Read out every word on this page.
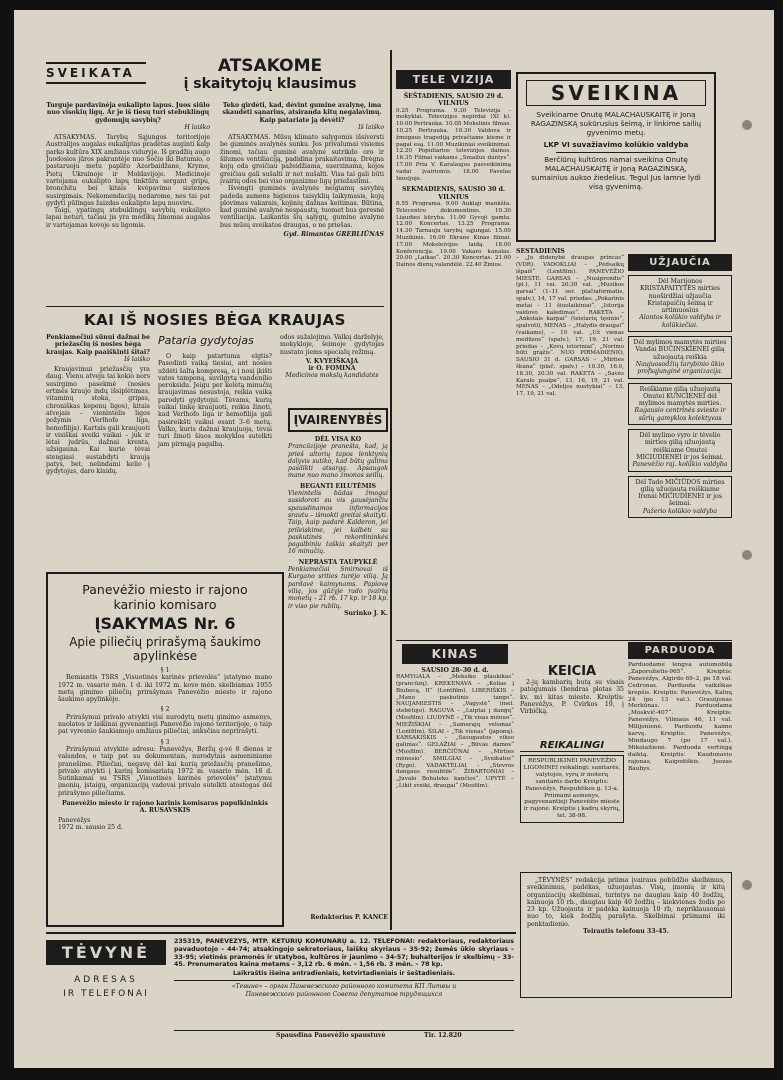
SVEIKATA	ATSAKOME
į skaitytojų klausimus
Turguje pardavinėja eukalipto lapus. Juos siūlo nuo visokių ligų. Ar je iš tiesų turi stebuklingų gydomųjų savybių?
H laiško
ATSAKYMAS. Tarybų Sąjungos teritorijoje Australijos augalas eukaliptas pradėtas auginti kalp parko kultūra XIX amžiaus viduryje. Iš pradžių augo Juodosios jūros pakrantėje nuo Sočio iki Batumio, o pastaruoju metu paplito Azerbaidžane, Kryme, Pietų Ukrainoje ir Moldavijoje. Medicinoje vartojama eukalipto lapų tinktūra sergant gripu, bronchitu bei kitais kvėpavimo sistemos susirgimais. Nekomendacijų nedarome, nes tai pat gydyti pūlingas žaizdas eukalipto lapų nuoviru.
Taigi, ypatingų stebuklingų savybių eukalipto lapai neturi, tačiau jis yra medikų žinomas augalas ir vartojamas kovoje su ligomis.
Teko girdėti, kad, dėvint gumine avalynę, ima skaudėti sąnarius, atsiranda kitų negalavimų. Kaip patariate ją dėvėti?
Iš laiško
ATSAKYMAS. Mūsų klimato salygomis išsiversti be guminės avalynės sunku. Jos privalumai visiems žinomi, tačiau guminė avalynė sutrikdo oro ir šilumos ventiliaciją, padidina prakaitavimą. Drėgna kojų oda greičiau pažeidžiama, suerzinama, kojos greičiau gali sušalti ir net nušalti. Visa tai gali būti įvairių odos bei viso organizmo ligų priežastimi.
Išvengti guminės avalynės neigiamų savybių padeda asmens higienos taisyklių laikymasis, kojų plovimas vakarais, kojinių dažnas keitimas. Būtina, kad guminė avalynė nespaustų, tuomet bus geresnė ventiliacija. Laikantis šių sąlygų, gumine avalyne bus mūsų sveikatos draugas, o ne priešas.
Gyd. Rimantas GREBLIŪNAS
KAI IŠ NOSIES BĖGA KRAUJAS
Penkiamečiui sūnui dažnai be priežasčių iš nosies bėga kraujas. Kaip paaiškinti šitai?
Iš laiško
Kraujavimui priežasčių yra daug. Vienu atveju tai kokio nors susirgimo pasekmė (nosies ertmės kraujo indų išsiplėtimas, vitaminų stoka, gripas, chroniškas kepenų ligos), kitais atvejais – vienintelis ligos požymis (Verlhofo liga, hemofilija). Kartais gali kraujuoti ir visiškai sveiki vaikai – juk ir lėtai judrūs, dažnai krenta, užsigauna. Kai kurie tėvai stengiasi sustabdyti kraują patys, bet, nelindami kelio į gydytojus, daro klaidų.
Pataria gydytojas
O kaip patartuma elgtis? Pasodinti vaiką tiesiai, ant nosies uždėti šaltą kompresą, o į nosį įkišti vatos tamponą, suvilgytą vandenilio peroksidu. Jeigu per keletą minučių kraujavimas nesustoja, reikia vaiką parodyti gydytojui. Tėvams, kurių vaikai linkę kraujuoti, reikia žinoti, kad Verlhofo liga ir hemofilija gali pasireikšti vaikui esant 3–6 metų. Valko, kuris dažnai kraujuoja, tėvai turi žinoti šiuos mokyklos sutelkti jam pirmąją pagalbą.
odos sužalojimo. Valkų darželyje, mokykloje, šeimoje gydytojas nustato jiems specialų režimą.
V. KVYEIŠKAJA
ir O. FOMINA
Medicinos mokslų kandidatės
Panevėžio miesto ir rajono
karinio komisaro
ĮSAKYMAS Nr. 6
Apie piliečių prirašymą šaukimo apylinkėse
§ 1
Remiantis TSRS „Visuotinės karinės prievolės“ įstatymo mano 1972 m. vasario mėn. 1 d. iki 1972 m. kovo mėn. skelbiamas 1955 metų gimimo piliečių prirašymas Panevėžio miesto ir rajono šaukimo apylinkėje.
§ 2
Prirašymui privalo atvykti visi nurodytų metų gimimo asmenys, nuolatos ir laikinai gyvenantieji Panevėžio rajono teritorijoje, o taip pat vyresnio šaukiamojo amžiaus piliečiai, anksčiau neprirašyti.
§ 3
Prirašymui atvykite adresu: Panevėžys, Beržų g-vė 8 dienos ir valandos, o taip pat su dokumentais, nurodytais asmeniniame pranešime. Piliečiai, negavę dėl kai kurių priežasčių pranešimo, privalo atvykti į karinį komisariatą 1972 m. vasario mėn. 18 d. Sutinkamai su TSRS „Visuotinės karinės prievolės“ įstatymu įmonių, įstaigų, organizacijų vadovai privalo sutelkti atostogas dėl prirašymo piliečiams.
Panevėžio miesto ir rajono karinis komisaras papulkininkis A. RUSAVSKIS
Panevėžys
1972 m. sausio 25 d.
ĮVAIRENYBĖS
DĖL VISA KO
Prancūzijoje pranešta, kad, ją prieš altorių tapos lenktynių dalyvis sutiko, kad būtų galima pasilikti atsargą. Apsaugok mane nuo mano žmonos seilių.
BEGANTI EILUTĖMIS
Vienintelis būdas žmogui susidoroti su vis gausėjančiu spausdinamos informacijos srautu – išmokti greitai skaityti. Taip, kaip padarė Kalderon, jei prileiskime, jei kalbėti su paskutinės rekordininkės pagalbiniu taškia skaityti per 16 minučių.
NEPRASTA TAUPYKLĖ
Penkiamečiai Smirnovai iš Kurgano srities turėjo vilią. Ją pardavė kaimynams. Papiovę vilią, jos gūžyje rado įvairių monetų – 21 rb. 17 kp. ir 18 kp. ir viso pie rublių.
Surinko J. K.
Redaktorius P. KANCE
TELE VIZIJA
ŠEŠTADIENIS, SAUSIO 29 d.
VILNIUS
9.25 Programa. 9.30 Televizija – mokyklai. Televizijos nepirdai (XI k). 10.00 Pertrauka. 10.05 Mokslinis filmas. 10.25 Pertrauka. 10.30 Valdova ir žmogaus tragediją privačiame kieme ir pagal esą. 11.00 Muzikiniai sveikinimai. 12.20 Populiarios televizijos dainos. 16.35 Filmai vaikams „Smailus dantys“. 17.00 Pria V. Karalaujus pasveikinimą vadai įvairiomis. 18.00 Pavelas Inosijoje.
SEKMADIENIS, SAUSIO 30 d.
VILNIUS
8.55 Programa. 9.00 Auklaji mankšta. Telecentro dokumentinis. 10.30 Liaudies kūryba. 11.00 Gyvoji gamta. 12.00 Koncertas. 13.25 Programa. 14.30 Tarnauju tarybų sąjungai. 15.00 Muzikinis. 16.00 Ekrane Kinas filmai. 17.00 Moksleivijos laidą. 18.00 Konferencija. 19.00 Vakaro kanalas. 20.00 „Laikas“. 20.30 Koncertas. 21.00 Dainos dienų valandėlė. 22.40 Žinios.
SVEIKINA
Sveikiname Onutę MALACHAUSKAITĘ ir Joną RAGAZINSKĄ sukūrusius šeimą, ir linkime sailių gyvenimo metų.
LKP VI suvažiavimo kolūkio valdyba
Berčiūnų kultūros namai sveikina Onutę MALACHAUSKAITĘ ir Joną RAGAZINSKĄ, sumainius aukso žiedelius. Tegul Jus lamne lydi visą gyvenimą.
ŠEŠTADIENIS
– „Jo didenybė draugas princas“ (VDR). VADOKLIAI – „Pėdsaikų išpaiš“ (Lentfilm). PANEVĖŽIO MIESTE. GARSAS – „Nusiprendis“ (pl.), 11 vai. 20.30 val. „Muzikos garsai“ (1–11 ser. plačiaformatis, spalv.), 14, 17 val. priedas: „Pokarinis metai – 11 šiuolaikiniai“, „Istorija valdovo kaledimas“. RAKETA – „Ankstais karpai“ (teistarių tęsinio“, spalvoti), MENAS – „Halydis draugai“ (vaikams), – 10 val. „Už vienas medūzos“ (spalv.), 17, 19, 21 val. priedas – „Kovų istoriniai“, „Norimo būti grąžis“. NUO PIRMADIENIO, SAUSIO 31 d. GARSAS – „Mirties škuna“ (plač. spalv.) – 10.30, 16.0, 18.30, 20.30 val. RAKETA – „Savės Karalo psalpe“, 13, 16, 19, 21 val. MENAS – „Odeljos nuotykiai“ – 13, 17, 19, 21 val.
UŽJAUČIA
Dėl Marijonos KRISTAPAITYTĖS mirties nuoširdžiai užjaučia Kristapaičių šeimą ir artimuosius
Alantos kolūkio valdyba ir kolūkiečiai.
Dėl mylimos mamytės mirties Vandai BUČINSKIENEI gilią užuojautą reiškia
Naujuosodžių tarybinio ūkio profsąjunginė organizacija.
Reiškiame gilią užuojautą Onutei KUNCIENEI dėl mylimos mamytės mirties.
Ragausio centrinės sviesto ir sūrių gamyklos kolektyvas
Dėl mylimo vyro ir tėvelio mirties gilią užuojautą reiškiame Onutei MICIUDIENEI ir jos šeimai.
Panevėžio raj. kolūkio valdyba
Dėl Tado MIČIŪDOS mirties gilią užuojautą reiškiame Irenai MICIUDIENEI ir jos šeimai.
Pažerio kolūkio valdyba
KINAS
SAUSIO 28–30 d. d.
RAMYGALA – „Meksiko plaukikas“ (prancūzų). KREKENAVA – „Kelias į Biubecą, II“ (Lentfilm). LIBERIŠKIS – „Mano paskutinis tango“. NAUJAMIESTIS – „Vagystė“ (mel. stebėtojo). RAGUVA – „Laiptai į dangų“ (Mosfilm). LIUDYNĖ – „Tik visas mėnuo“. MIEŽIŠKIAI – „Samurajų velsmas“ (Lentfilm). ŠILAI – „Tik vienas“ (japonų). KARSAKIŠKIS – „Susugautos vikso galimas“. GELAŽIAI – „Būvas damos“ (Mosfilm). BERČIŪNAI – „Mirties mėnesio“. SMILGIAI – „Sveikatos“ (Rygo). VADAKTĖLIAI – „Stevros dangaus resubtile“. ŽIBARTONIAI – „Juvalo Bohuleko kančios“. UPYTĖ – „Likit sveiki, draugai“ (Mosfilm).
KEIČIA
2-jų kambarių butą su visais patogumais (bendras plotas 35 kv. m) kitas mieste. Kreiptis: Panevėžys, P. Cvirkos 19, į Virbičką.
REIKALINGI
RESPUBLIKINEI PANEVĖŽIO LIGONINEI reikalingi: sanitarės, valytojos, vyrų ir moterų sanitarės darbo Kreiptis: Panevėžys, Respublikos g. 13-a. Priimami asmenys, pagyvenantieji Panevėžio mieste ir rajone. Kreiptis į kadrų skyrių, tel. 38-98.
PARDUODA
Parduodame lengva automobilą „Zaporožietis-965“. Kreiptis: Panevėžys, Algirdo 69–2, po 18 val. Cedronas. Parduoda vaikiškas krepšis. Kreiptis: Panevėžys, Kalnų 24 (po 13 val.). Grasiijonas Merkūnas. Parduodama „Moskvič-407“. Kreiptis: Panevėžys, Vilniaus 46, 11 val. Milijonienė. Parduodu kaimo karvę. Kreiptis: Panevėžys, Mindaugo 7 (po 17 val.). Mikolaitienė. Parduoda vertingą daiktą. Kreiptis: Kaudonavio rajonas, Kaigodiškis. Juozas Baubys.
„TĖVYNĖS“ redakcija priima įvairaus pobūdžio skelbimus, sveikinimus, padėkas, užuojautas. Visų, įmonių ir kitų organizacijų skelbimai, turintys ne daugiau kaip 40 žodžių, kainuoja 10 rb., daugiau kaip 40 žodžių – kiekvienas žodis po 23 kp. Užuojauta ir padėka kainuoja 10 rb, nepriklausomai nuo to, kiek žodžių parašyta. Skelbimai priimami iki penktadienio.
Teirautis telefonu 33-45.
TĖVYNĖ
ADRESAS
IR TELEFONAI
235319, PANEVĖŽYS, MTP. KETURIŲ KOMUNARŲ a. 12. TELEFONAI: redaktoriaus, redaktoriaus pavaduotojo – 44-74; atsakingojo sekretoriaus, laiškų skyriaus – 35-92; žemės ūkio skyriaus – 33-95; vietinės pramonės ir statybos, kultūros ir jaunimo – 34-57; buhalterijos ir skelbimų – 33-45. Prenumeratos kaina metams – 3,12 rb. 6 mėn. – 1,56 rb. 3 mėn. – 78 kp.
Laikraštis išeina antradieniais, ketvirtadieniais ir šeštadieniais.
«Тевине» – орган Паневежского районного комитета КП Литвы и
Паневежского районного Совета депутатов трудящихся
Spausdina Panevėžio spaustuvė	Tir. 12.820
